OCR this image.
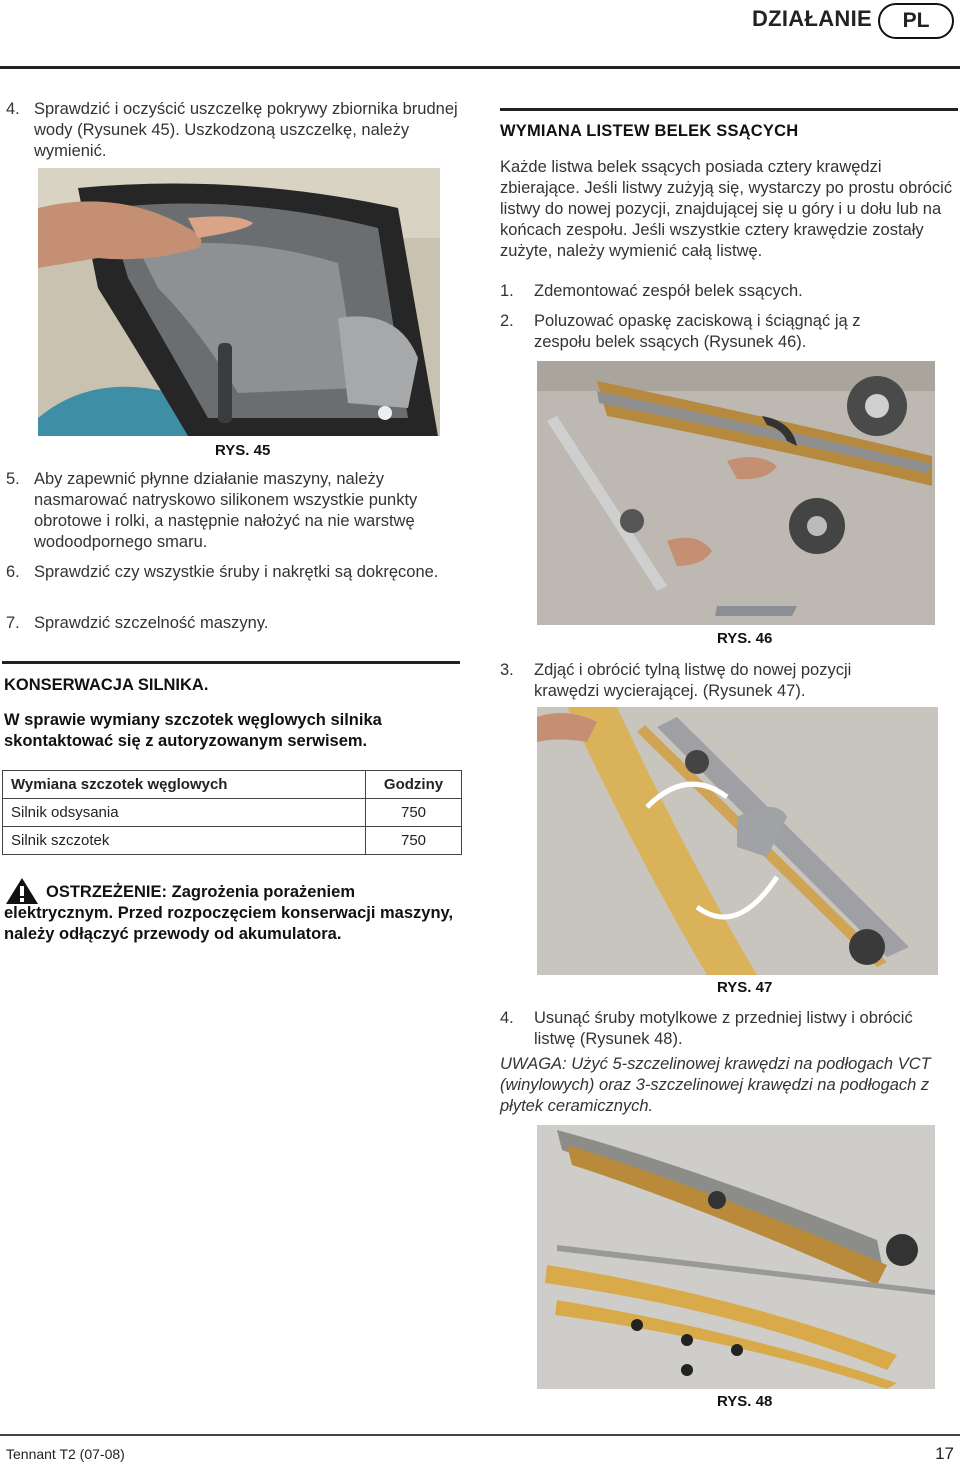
DZIAŁANIE	PL
4. Sprawdzić i oczyścić uszczelkę pokrywy zbiornika brudnej wody (Rysunek 45). Uszkodzoną uszczelkę, należy wymienić.
RYS. 45
5. Aby zapewnić płynne działanie maszyny, należy nasmarować natryskowo silikonem wszystkie punkty obrotowe i rolki, a następnie nałożyć na nie warstwę wodoodpornego smaru.
6. Sprawdzić czy wszystkie śruby i nakrętki są dokręcone.
7. Sprawdzić szczelność maszyny.
KONSERWACJA SILNIKA.
W sprawie wymiany szczotek węglowych silnika skontaktować się z autoryzowanym serwisem.
Wymiana szczotek węglowych	Godziny
Silnik odsysania	750
Silnik szczotek	750
OSTRZEŻENIE: Zagrożenia porażeniem elektrycznym. Przed rozpoczęciem konserwacji maszyny, należy odłączyć przewody od akumulatora.
WYMIANA LISTEW BELEK SSĄCYCH
Każde listwa belek ssących posiada cztery krawędzi zbierające. Jeśli listwy zużyją się, wystarczy po prostu obrócić listwy do nowej pozycji, znajdującej się u góry i u dołu lub na końcach zespołu. Jeśli wszystkie cztery krawędzie zostały zużyte, należy wymienić całą listwę.
1. Zdemontować zespół belek ssących.
2. Poluzować opaskę zaciskową i ściągnąć ją z zespołu belek ssących (Rysunek 46).
RYS. 46
3. Zdjąć i obrócić tylną listwę do nowej pozycji krawędzi wycierającej. (Rysunek 47).
RYS. 47
4. Usunąć śruby motylkowe z przedniej listwy i obrócić listwę (Rysunek 48).
UWAGA: Użyć 5-szczelinowej krawędzi na podłogach VCT (winylowych) oraz 3-szczelinowej krawędzi na podłogach z płytek ceramicznych.
RYS. 48
Tennant T2 (07-08)	17
